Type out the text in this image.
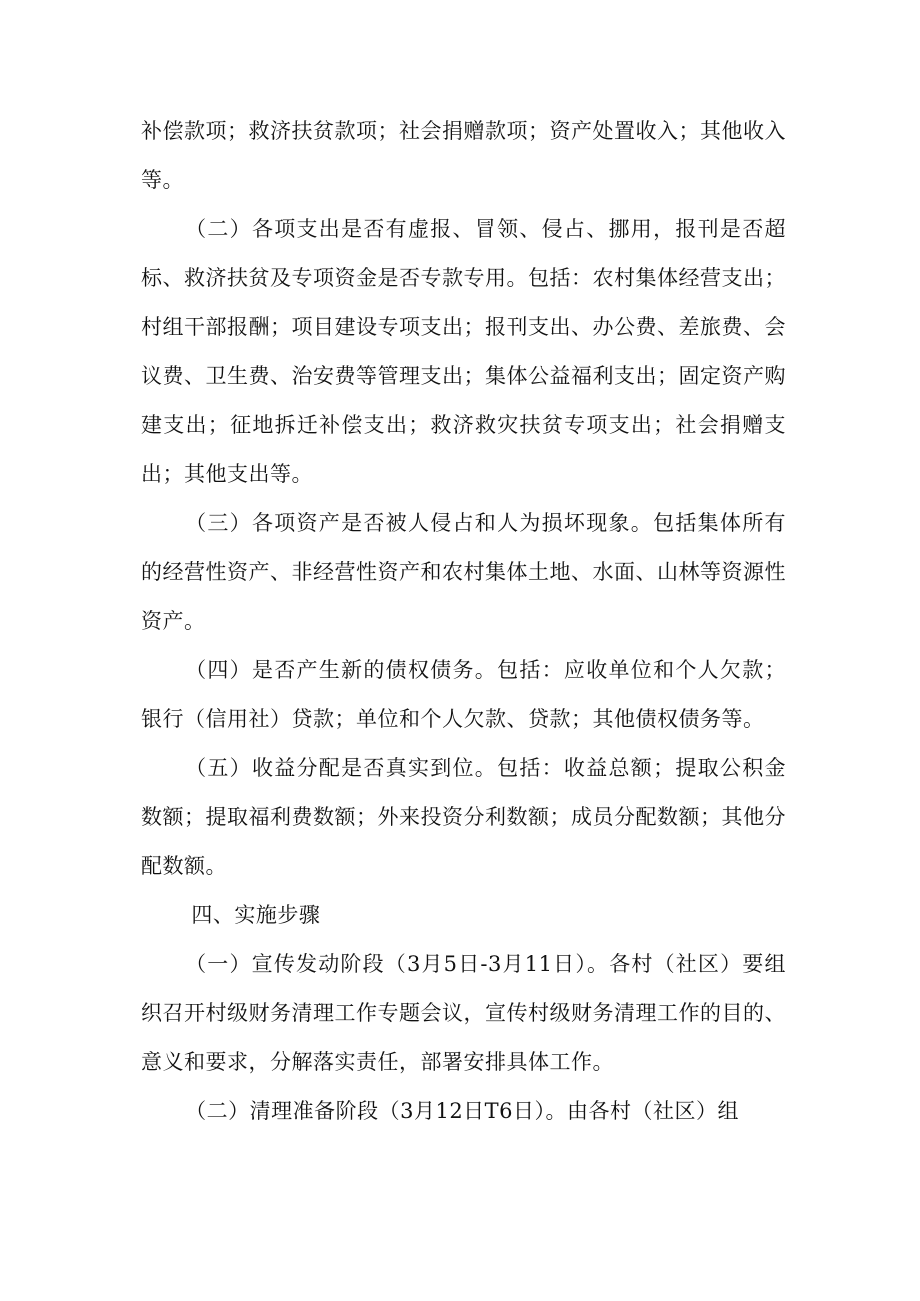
补偿款项；救济扶贫款项；社会捐赠款项；资产处置收入；其他收入等。

（二）各项支出是否有虚报、冒领、侵占、挪用，报刊是否超标、救济扶贫及专项资金是否专款专用。包括：农村集体经营支出；村组干部报酬；项目建设专项支出；报刊支出、办公费、差旅费、会议费、卫生费、治安费等管理支出；集体公益福利支出；固定资产购建支出；征地拆迁补偿支出；救济救灾扶贫专项支出；社会捐赠支出；其他支出等。

（三）各项资产是否被人侵占和人为损坏现象。包括集体所有的经营性资产、非经营性资产和农村集体土地、水面、山林等资源性资产。

（四）是否产生新的债权债务。包括：应收单位和个人欠款；银行（信用社）贷款；单位和个人欠款、贷款；其他债权债务等。

（五）收益分配是否真实到位。包括：收益总额；提取公积金数额；提取福利费数额；外来投资分利数额；成员分配数额；其他分配数额。

四、实施步骤

（一）宣传发动阶段（3月5日-3月11日）。各村（社区）要组织召开村级财务清理工作专题会议，宣传村级财务清理工作的目的、意义和要求，分解落实责任，部署安排具体工作。

（二）清理准备阶段（3月12日T6日）。由各村（社区）组
